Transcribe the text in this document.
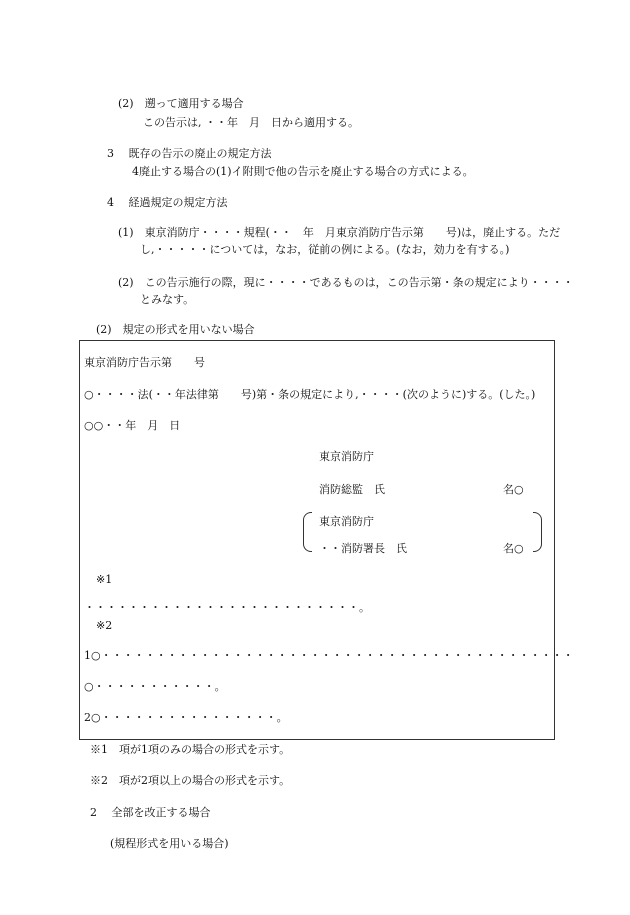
(2)　遡って適用する場合
この告示は, ・・年　月　日から適用する。
3　 既存の告示の廃止の規定方法
4廃止する場合の(1)イ附則で他の告示を廃止する場合の方式による。
4　 経過規定の規定方法
(1)　東京消防庁・・・・規程(・・　年　月東京消防庁告示第　　号)は，廃止する。ただ
し,・・・・・については，なお，従前の例による。(なお，効力を有する。)
(2)　この告示施行の際，現に・・・・であるものは，この告示第・条の規定により・・・・
とみなす。
(2)　規定の形式を用いない場合
東京消防庁告示第　　号
○・・・・法(・・年法律第　　号)第・条の規定により,・・・・(次のように)する。(した。)
○○・・年　月　日
東京消防庁
消防総監　氏	名○
東京消防庁
・・消防署長　氏	名○
※1
・・・・・・・・・・・・・・・・・・・・・・・・・。
※2
1○・・・・・・・・・・・・・・・・・・・・・・・・・・・・・・・・・・・・・・・・・・・
○・・・・・・・・・・・。
2○・・・・・・・・・・・・・・・・。
※1　項が1項のみの場合の形式を示す。
※2　項が2項以上の場合の形式を示す。
2　 全部を改正する場合
(規程形式を用いる場合)
